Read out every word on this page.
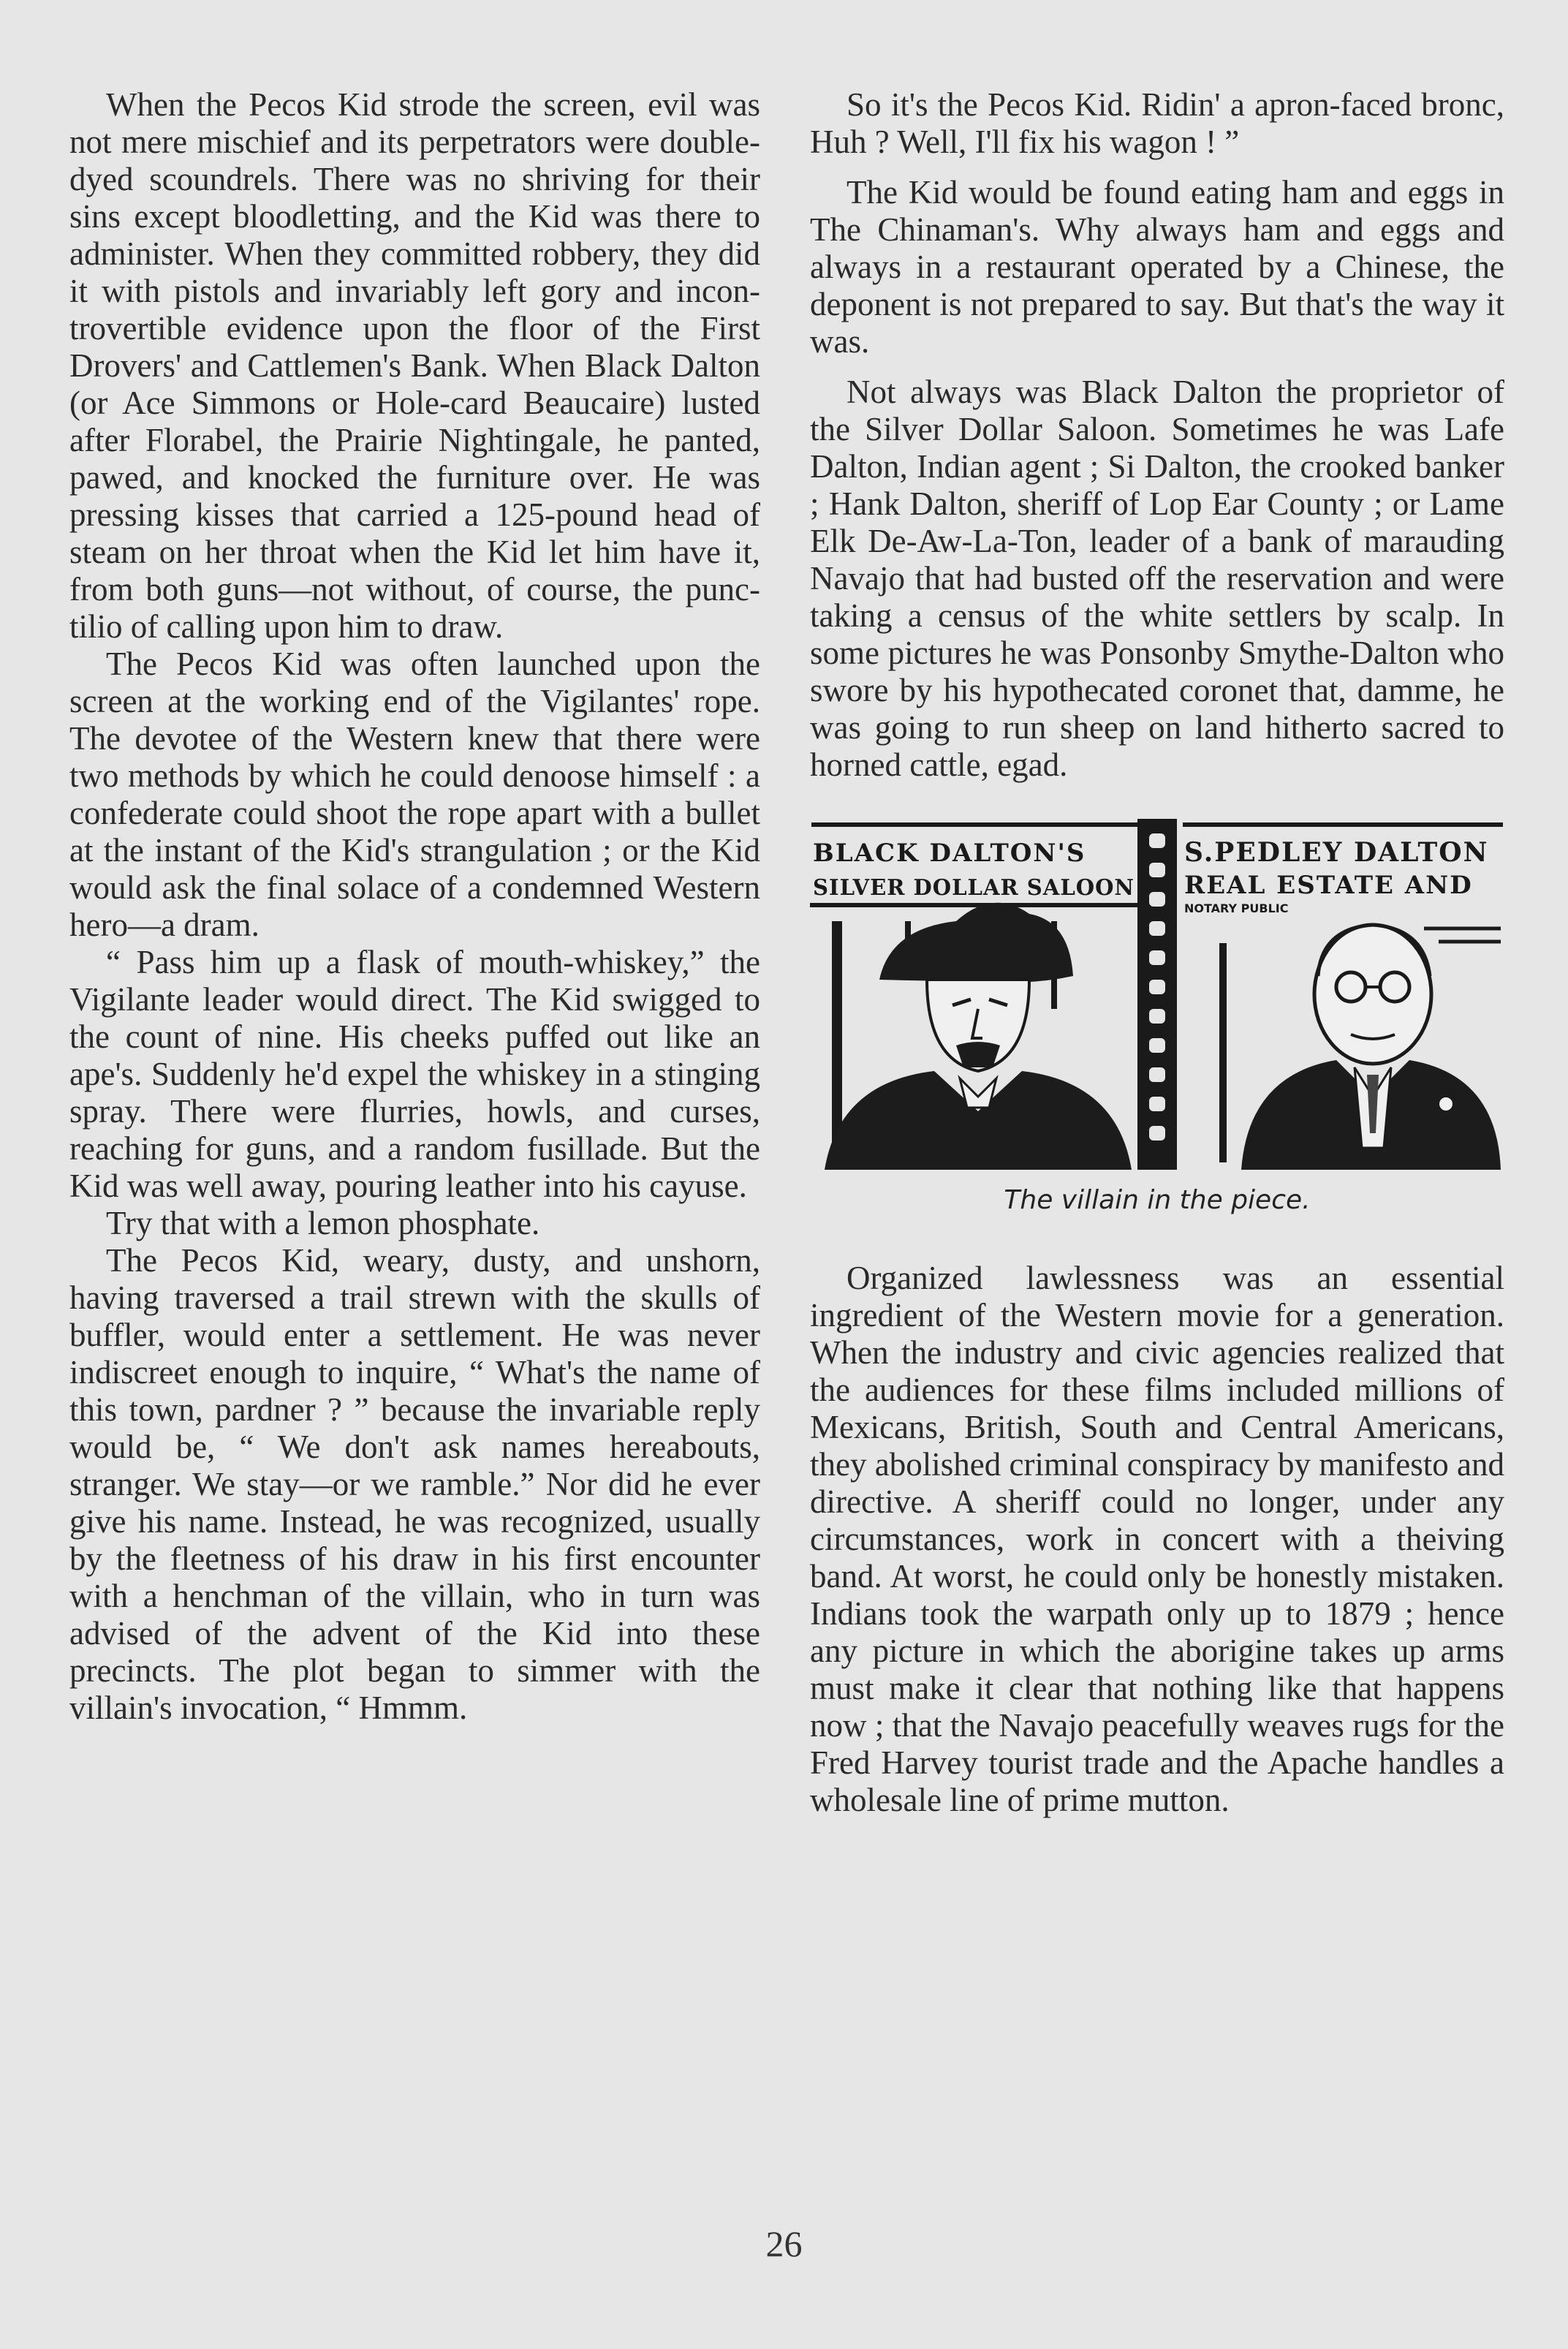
When the Pecos Kid strode the screen, evil was not mere mischief and its perpetrators were double-dyed scoundrels. There was no shriving for their sins except bloodletting, and the Kid was there to administer. When they committed robbery, they did it with pistols and invariably left gory and incontrovertible evidence upon the floor of the First Drovers' and Cattlemen's Bank. When Black Dalton (or Ace Simmons or Hole-card Beaucaire) lusted after Florabel, the Prairie Nightingale, he panted, pawed, and knocked the furniture over. He was pressing kisses that carried a 125-pound head of steam on her throat when the Kid let him have it, from both guns—not without, of course, the punctilio of calling upon him to draw.

The Pecos Kid was often launched upon the screen at the working end of the Vigilantes' rope. The devotee of the Western knew that there were two methods by which he could denoose himself : a confederate could shoot the rope apart with a bullet at the instant of the Kid's strangulation ; or the Kid would ask the final solace of a condemned Western hero—a dram.

“ Pass him up a flask of mouth-whiskey,” the Vigilante leader would direct. The Kid swigged to the count of nine. His cheeks puffed out like an ape's. Suddenly he'd expel the whiskey in a stinging spray. There were flurries, howls, and curses, reaching for guns, and a random fusillade. But the Kid was well away, pouring leather into his cayuse.

Try that with a lemon phosphate.

The Pecos Kid, weary, dusty, and unshorn, having traversed a trail strewn with the skulls of buffler, would enter a settlement. He was never indiscreet enough to inquire, “ What's the name of this town, pardner ? ” because the invariable reply would be, “ We don't ask names hereabouts, stranger. We stay—or we ramble.” Nor did he ever give his name. Instead, he was recognized, usually by the fleetness of his draw in his first encounter with a henchman of the villain, who in turn was advised of the advent of the Kid into these precincts. The plot began to simmer with the villain's invocation, “ Hmmm.

So it's the Pecos Kid. Ridin' a apron-faced bronc, Huh ? Well, I'll fix his wagon ! ”

The Kid would be found eating ham and eggs in The Chinaman's. Why always ham and eggs and always in a restaurant operated by a Chinese, the deponent is not prepared to say. But that's the way it was.

Not always was Black Dalton the proprietor of the Silver Dollar Saloon. Sometimes he was Lafe Dalton, Indian agent ; Si Dalton, the crooked banker ; Hank Dalton, sheriff of Lop Ear County ; or Lame Elk De-Aw-La-Ton, leader of a bank of marauding Navajo that had busted off the reservation and were taking a census of the white settlers by scalp. In some pictures he was Ponsonby Smythe-Dalton who swore by his hypothecated coronet that, damme, he was going to run sheep on land hitherto sacred to horned cattle, egad.

BLACK DALTON'S
SILVER DOLLAR SALOON
S.PEDLEY DALTON
REAL ESTATE AND
NOTARY PUBLIC
The villain in the piece.

Organized lawlessness was an essential ingredient of the Western movie for a generation. When the industry and civic agencies realized that the audiences for these films included millions of Mexicans, British, South and Central Americans, they abolished criminal conspiracy by manifesto and directive. A sheriff could no longer, under any circumstances, work in concert with a theiving band. At worst, he could only be honestly mistaken. Indians took the warpath only up to 1879 ; hence any picture in which the aborigine takes up arms must make it clear that nothing like that happens now ; that the Navajo peacefully weaves rugs for the Fred Harvey tourist trade and the Apache handles a wholesale line of prime mutton.

26
